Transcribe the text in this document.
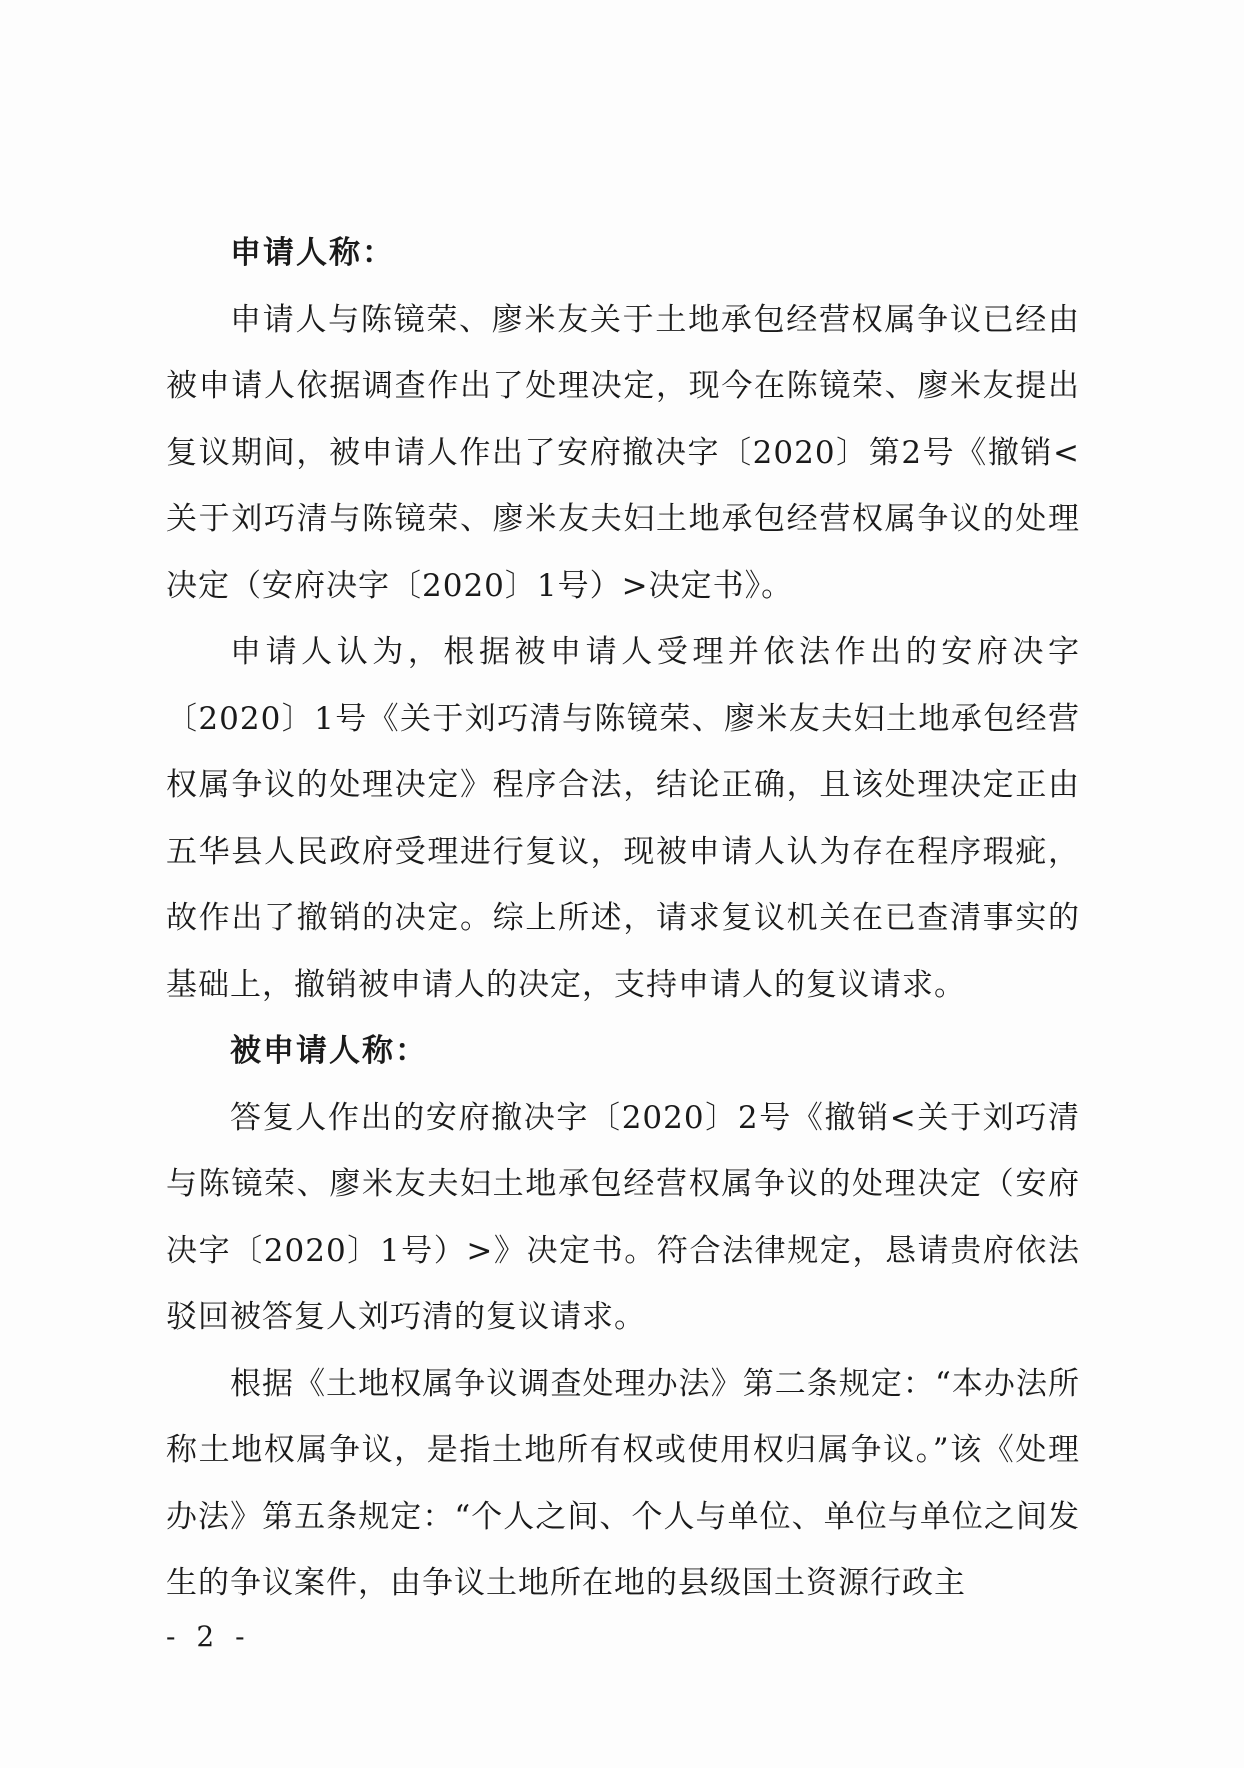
申请人称：

申请人与陈镜荣、廖米友关于土地承包经营权属争议已经由被申请人依据调查作出了处理决定，现今在陈镜荣、廖米友提出复议期间，被申请人作出了安府撤决字〔2020〕第2号《撤销<关于刘巧清与陈镜荣、廖米友夫妇土地承包经营权属争议的处理决定（安府决字〔2020〕1号）>决定书》。

申请人认为，根据被申请人受理并依法作出的安府决字〔2020〕1号《关于刘巧清与陈镜荣、廖米友夫妇土地承包经营权属争议的处理决定》程序合法，结论正确，且该处理决定正由五华县人民政府受理进行复议，现被申请人认为存在程序瑕疵，故作出了撤销的决定。综上所述，请求复议机关在已查清事实的基础上，撤销被申请人的决定，支持申请人的复议请求。

被申请人称：

答复人作出的安府撤决字〔2020〕2号《撤销<关于刘巧清与陈镜荣、廖米友夫妇土地承包经营权属争议的处理决定（安府决字〔2020〕1号）>》决定书。符合法律规定，恳请贵府依法驳回被答复人刘巧清的复议请求。

根据《土地权属争议调查处理办法》第二条规定：“本办法所称土地权属争议，是指土地所有权或使用权归属争议。”该《处理办法》第五条规定：“个人之间、个人与单位、单位与单位之间发生的争议案件，由争议土地所在地的县级国土资源行政主

- 2 -
